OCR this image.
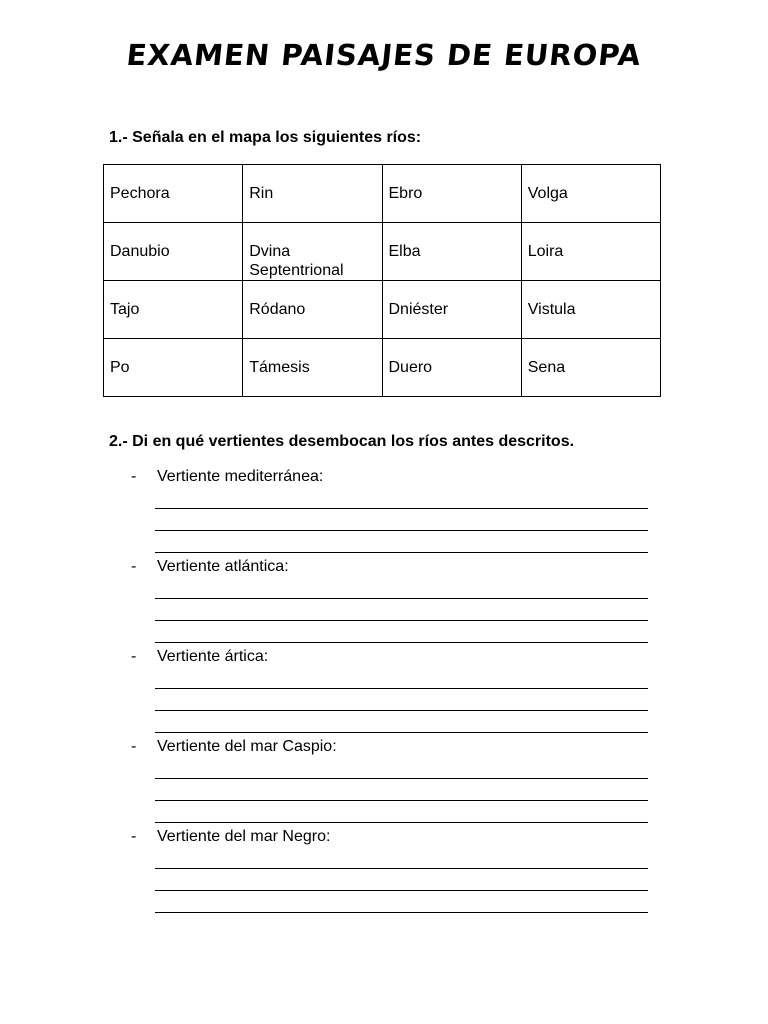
EXAMEN PAISAJES DE EUROPA
1.- Señala en el mapa los siguientes ríos:
Pechora	Rin	Ebro	Volga
Danubio	Dvina Septentrional	Elba	Loira
Tajo	Ródano	Dniéster	Vistula
Po	Támesis	Duero	Sena
2.- Di en qué vertientes desembocan los ríos antes descritos.
- Vertiente mediterránea:
- Vertiente atlántica:
- Vertiente ártica:
- Vertiente del mar Caspio:
- Vertiente del mar Negro:
